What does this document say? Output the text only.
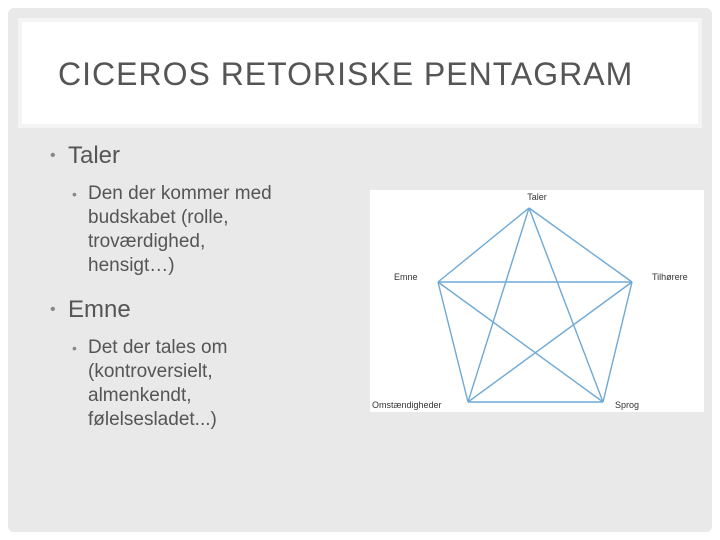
CICEROS RETORISKE PENTAGRAM
• Taler
• Den der kommer med
budskabet (rolle,
troværdighed,
hensigt…)
• Emne
• Det der tales om
(kontroversielt,
almenkendt,
følelsesladet...)
Taler
Emne	Tilhørere
Omstændigheder	Sprog
